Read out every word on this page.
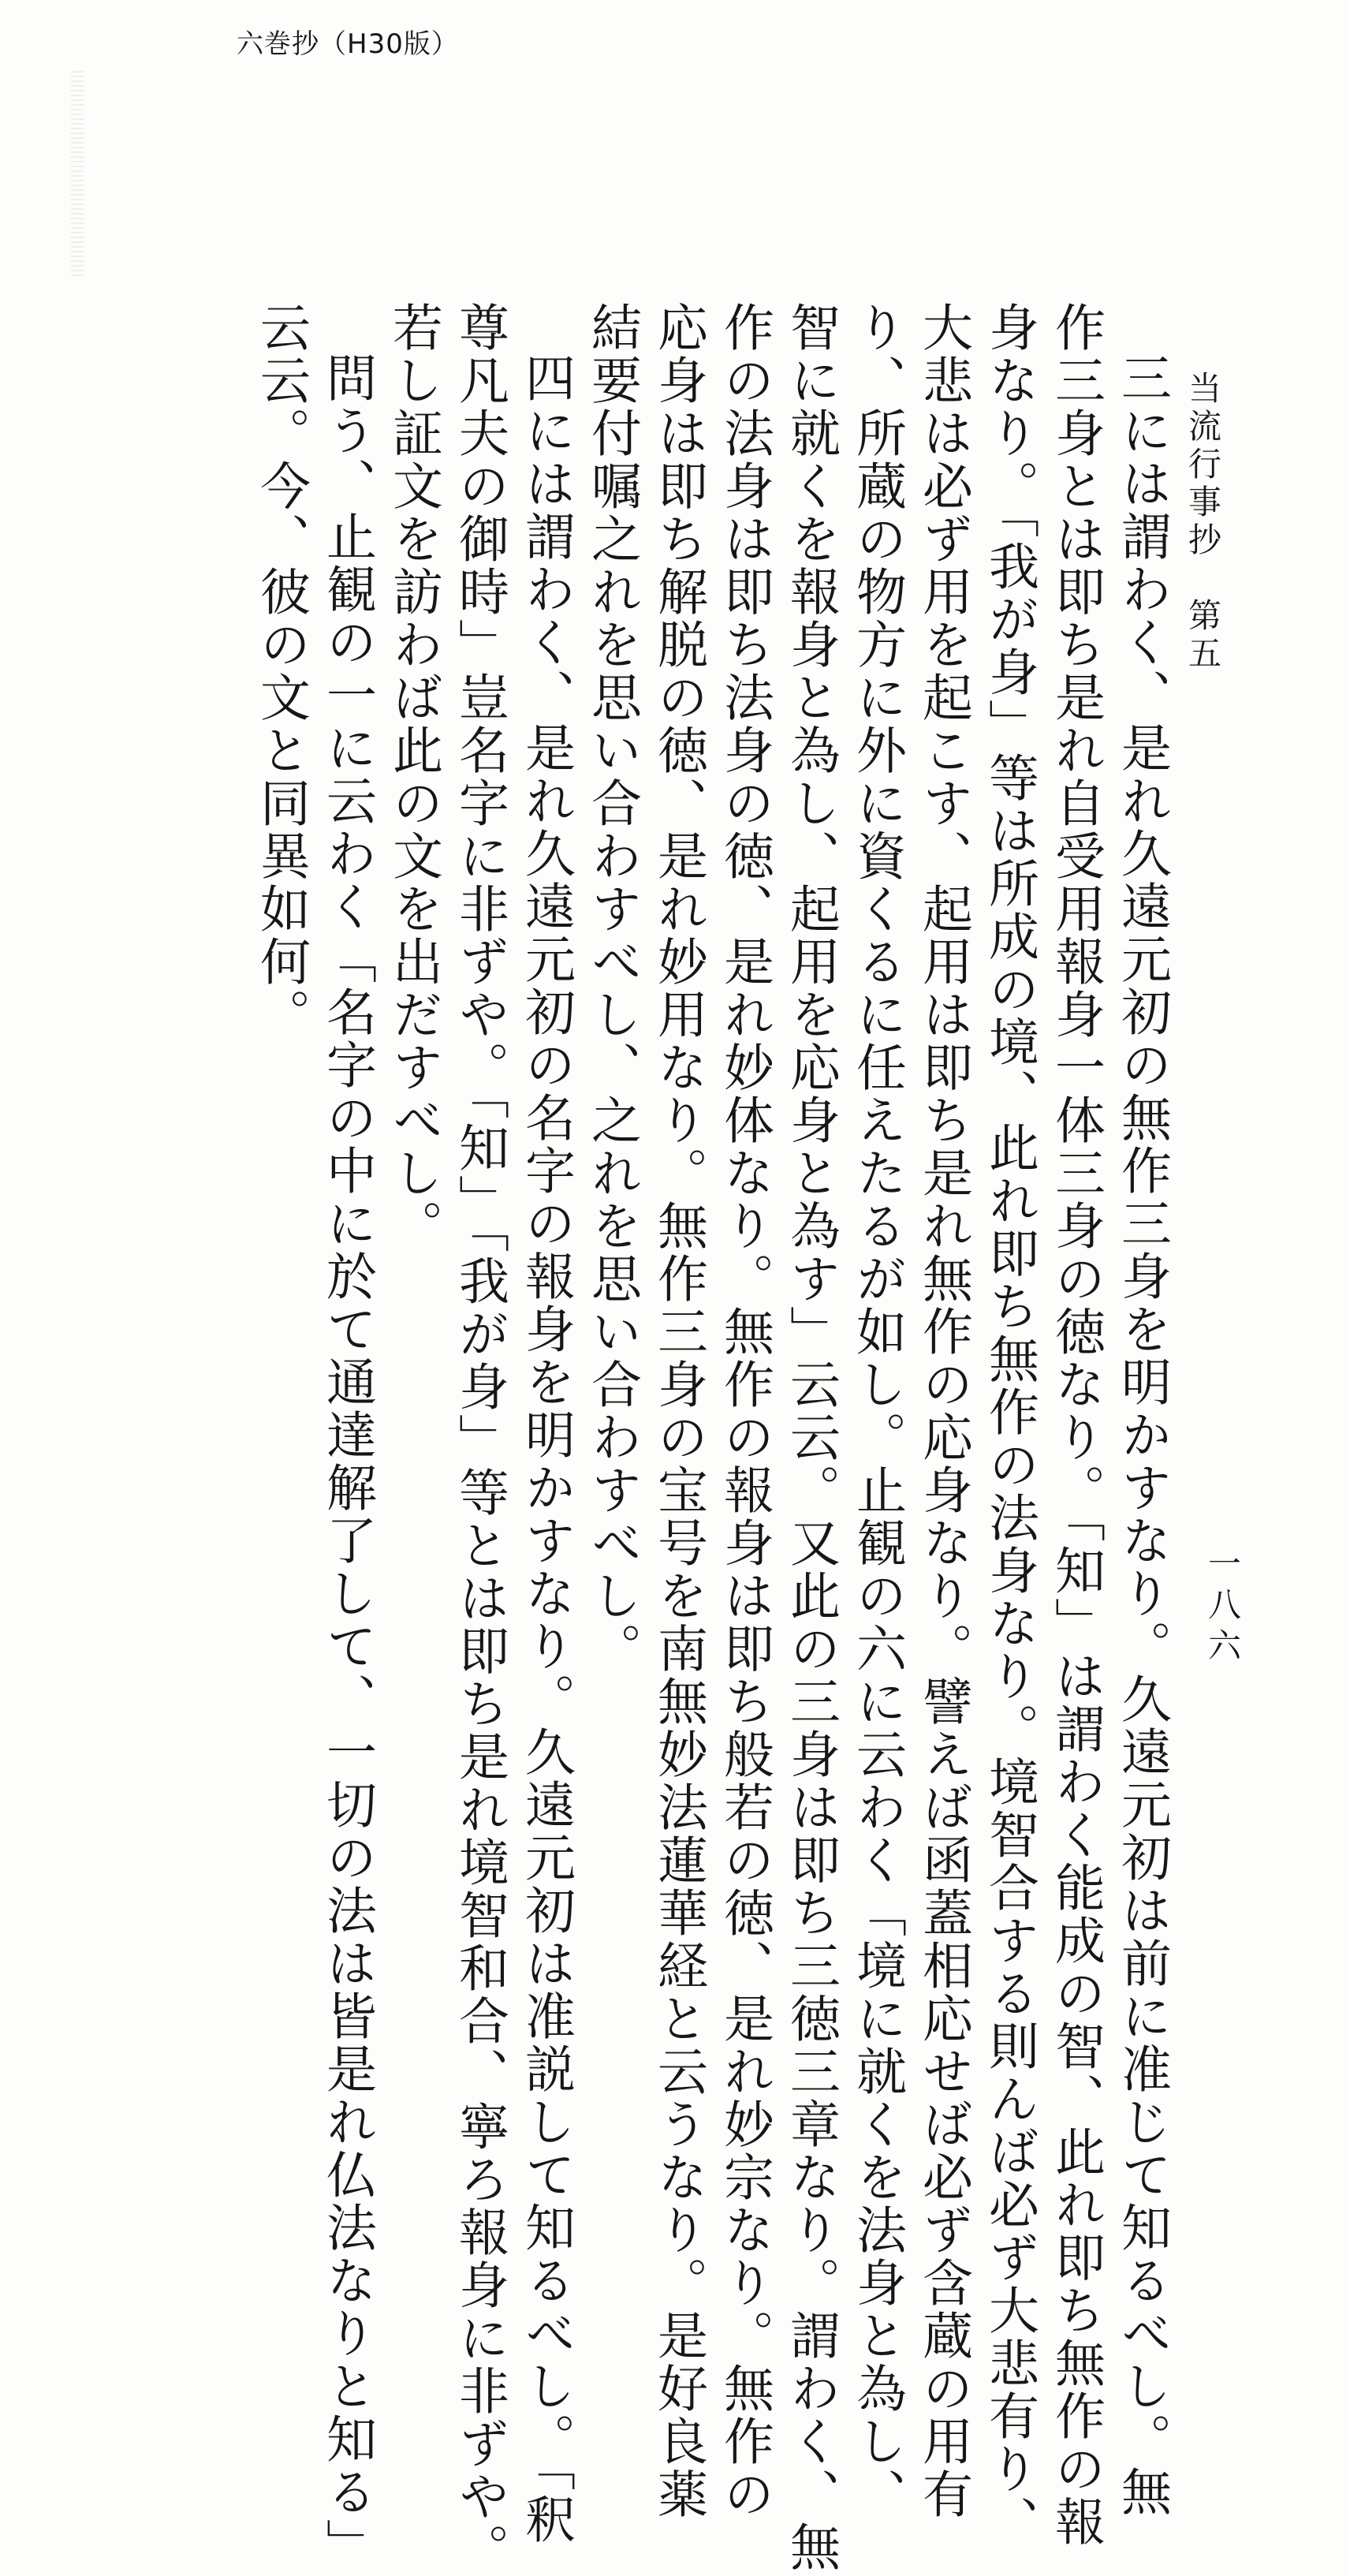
六巻抄（H30版）
当流行事抄　第五
一八六
三には謂わく、是れ久遠元初の無作三身を明かすなり。久遠元初は前に准じて知るべし。無
作三身とは即ち是れ自受用報身一体三身の徳なり。「知」は謂わく能成の智、此れ即ち無作の報
身なり。「我が身」等は所成の境、此れ即ち無作の法身なり。境智合する則んば必ず大悲有り、
大悲は必ず用を起こす、起用は即ち是れ無作の応身なり。譬えば函蓋相応せば必ず含蔵の用有
り、所蔵の物方に外に資くるに任えたるが如し。止観の六に云わく「境に就くを法身と為し、
智に就くを報身と為し、起用を応身と為す」云云。又此の三身は即ち三徳三章なり。謂わく、無
作の法身は即ち法身の徳、是れ妙体なり。無作の報身は即ち般若の徳、是れ妙宗なり。無作の
応身は即ち解脱の徳、是れ妙用なり。無作三身の宝号を南無妙法蓮華経と云うなり。是好良薬
結要付嘱之れを思い合わすべし、之れを思い合わすべし。
四には謂わく、是れ久遠元初の名字の報身を明かすなり。久遠元初は准説して知るべし。「釈
尊凡夫の御時」豈名字に非ずや。「知」「我が身」等とは即ち是れ境智和合、寧ろ報身に非ずや。
若し証文を訪わば此の文を出だすべし。
問う、止観の一に云わく「名字の中に於て通達解了して、一切の法は皆是れ仏法なりと知る」
云云。今、彼の文と同異如何。
